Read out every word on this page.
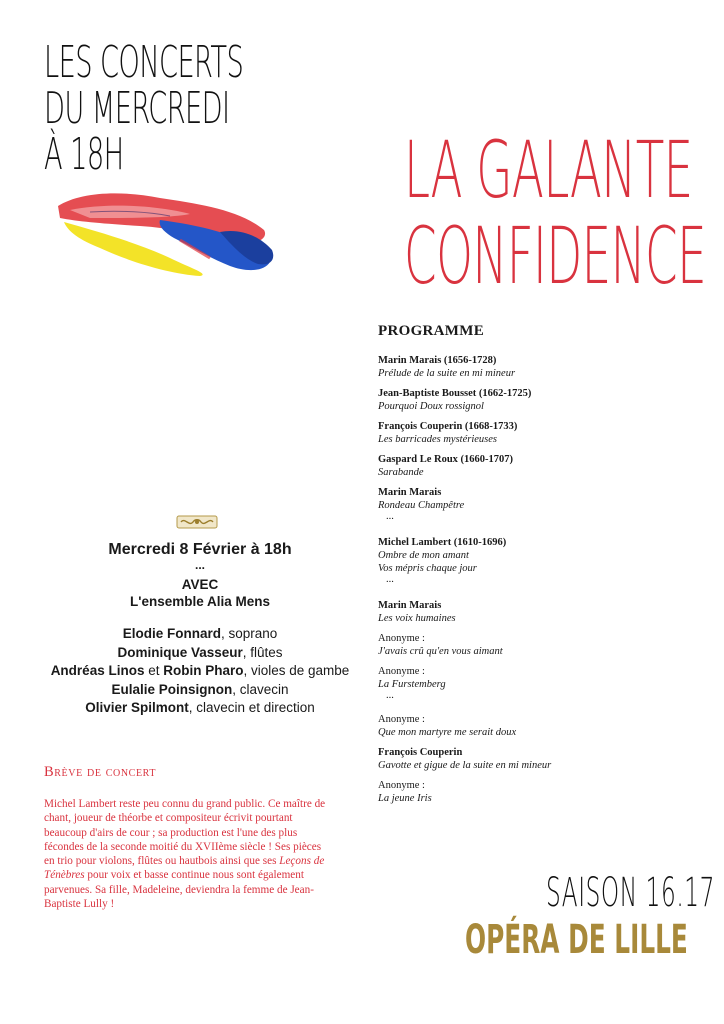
LES CONCERTS
DU MERCREDI
À 18H	LA GALANTE
CONFIDENCE
PROGRAMME
Marin Marais (1656-1728)
Prélude de la suite en mi mineur
Jean-Baptiste Bousset (1662-1725)
Pourquoi Doux rossignol
François Couperin (1668-1733)
Les barricades mystérieuses
Gaspard Le Roux (1660-1707)
Sarabande
Marin Marais
Rondeau Champêtre
...
Michel Lambert (1610-1696)
Ombre de mon amant
Vos mépris chaque jour
...
Marin Marais
Les voix humaines
Anonyme :
J'avais crû qu'en vous aimant
Anonyme :
La Furstemberg
...
Anonyme :
Que mon martyre me serait doux
François Couperin
Gavotte et gigue de la suite en mi mineur
Anonyme :
La jeune Iris
Mercredi 8 Février à 18h
...
AVEC
L'ensemble Alia Mens
Elodie Fonnard, soprano
Dominique Vasseur, flûtes
Andréas Linos et Robin Pharo, violes de gambe
Eulalie Poinsignon, clavecin
Olivier Spilmont, clavecin et direction
Brève de concert
Michel Lambert reste peu connu du grand public. Ce maître de chant, joueur de théorbe et compositeur écrivit pourtant beaucoup d'airs de cour ; sa production est l'une des plus fécondes de la seconde moitié du XVIIème siècle ! Ses pièces en trio pour violons, flûtes ou hautbois ainsi que ses Leçons de Ténèbres pour voix et basse continue nous sont également parvenues. Sa fille, Madeleine, deviendra la femme de Jean-Baptiste Lully !	SAISON 16.17
OPÉRA DE LILLE
